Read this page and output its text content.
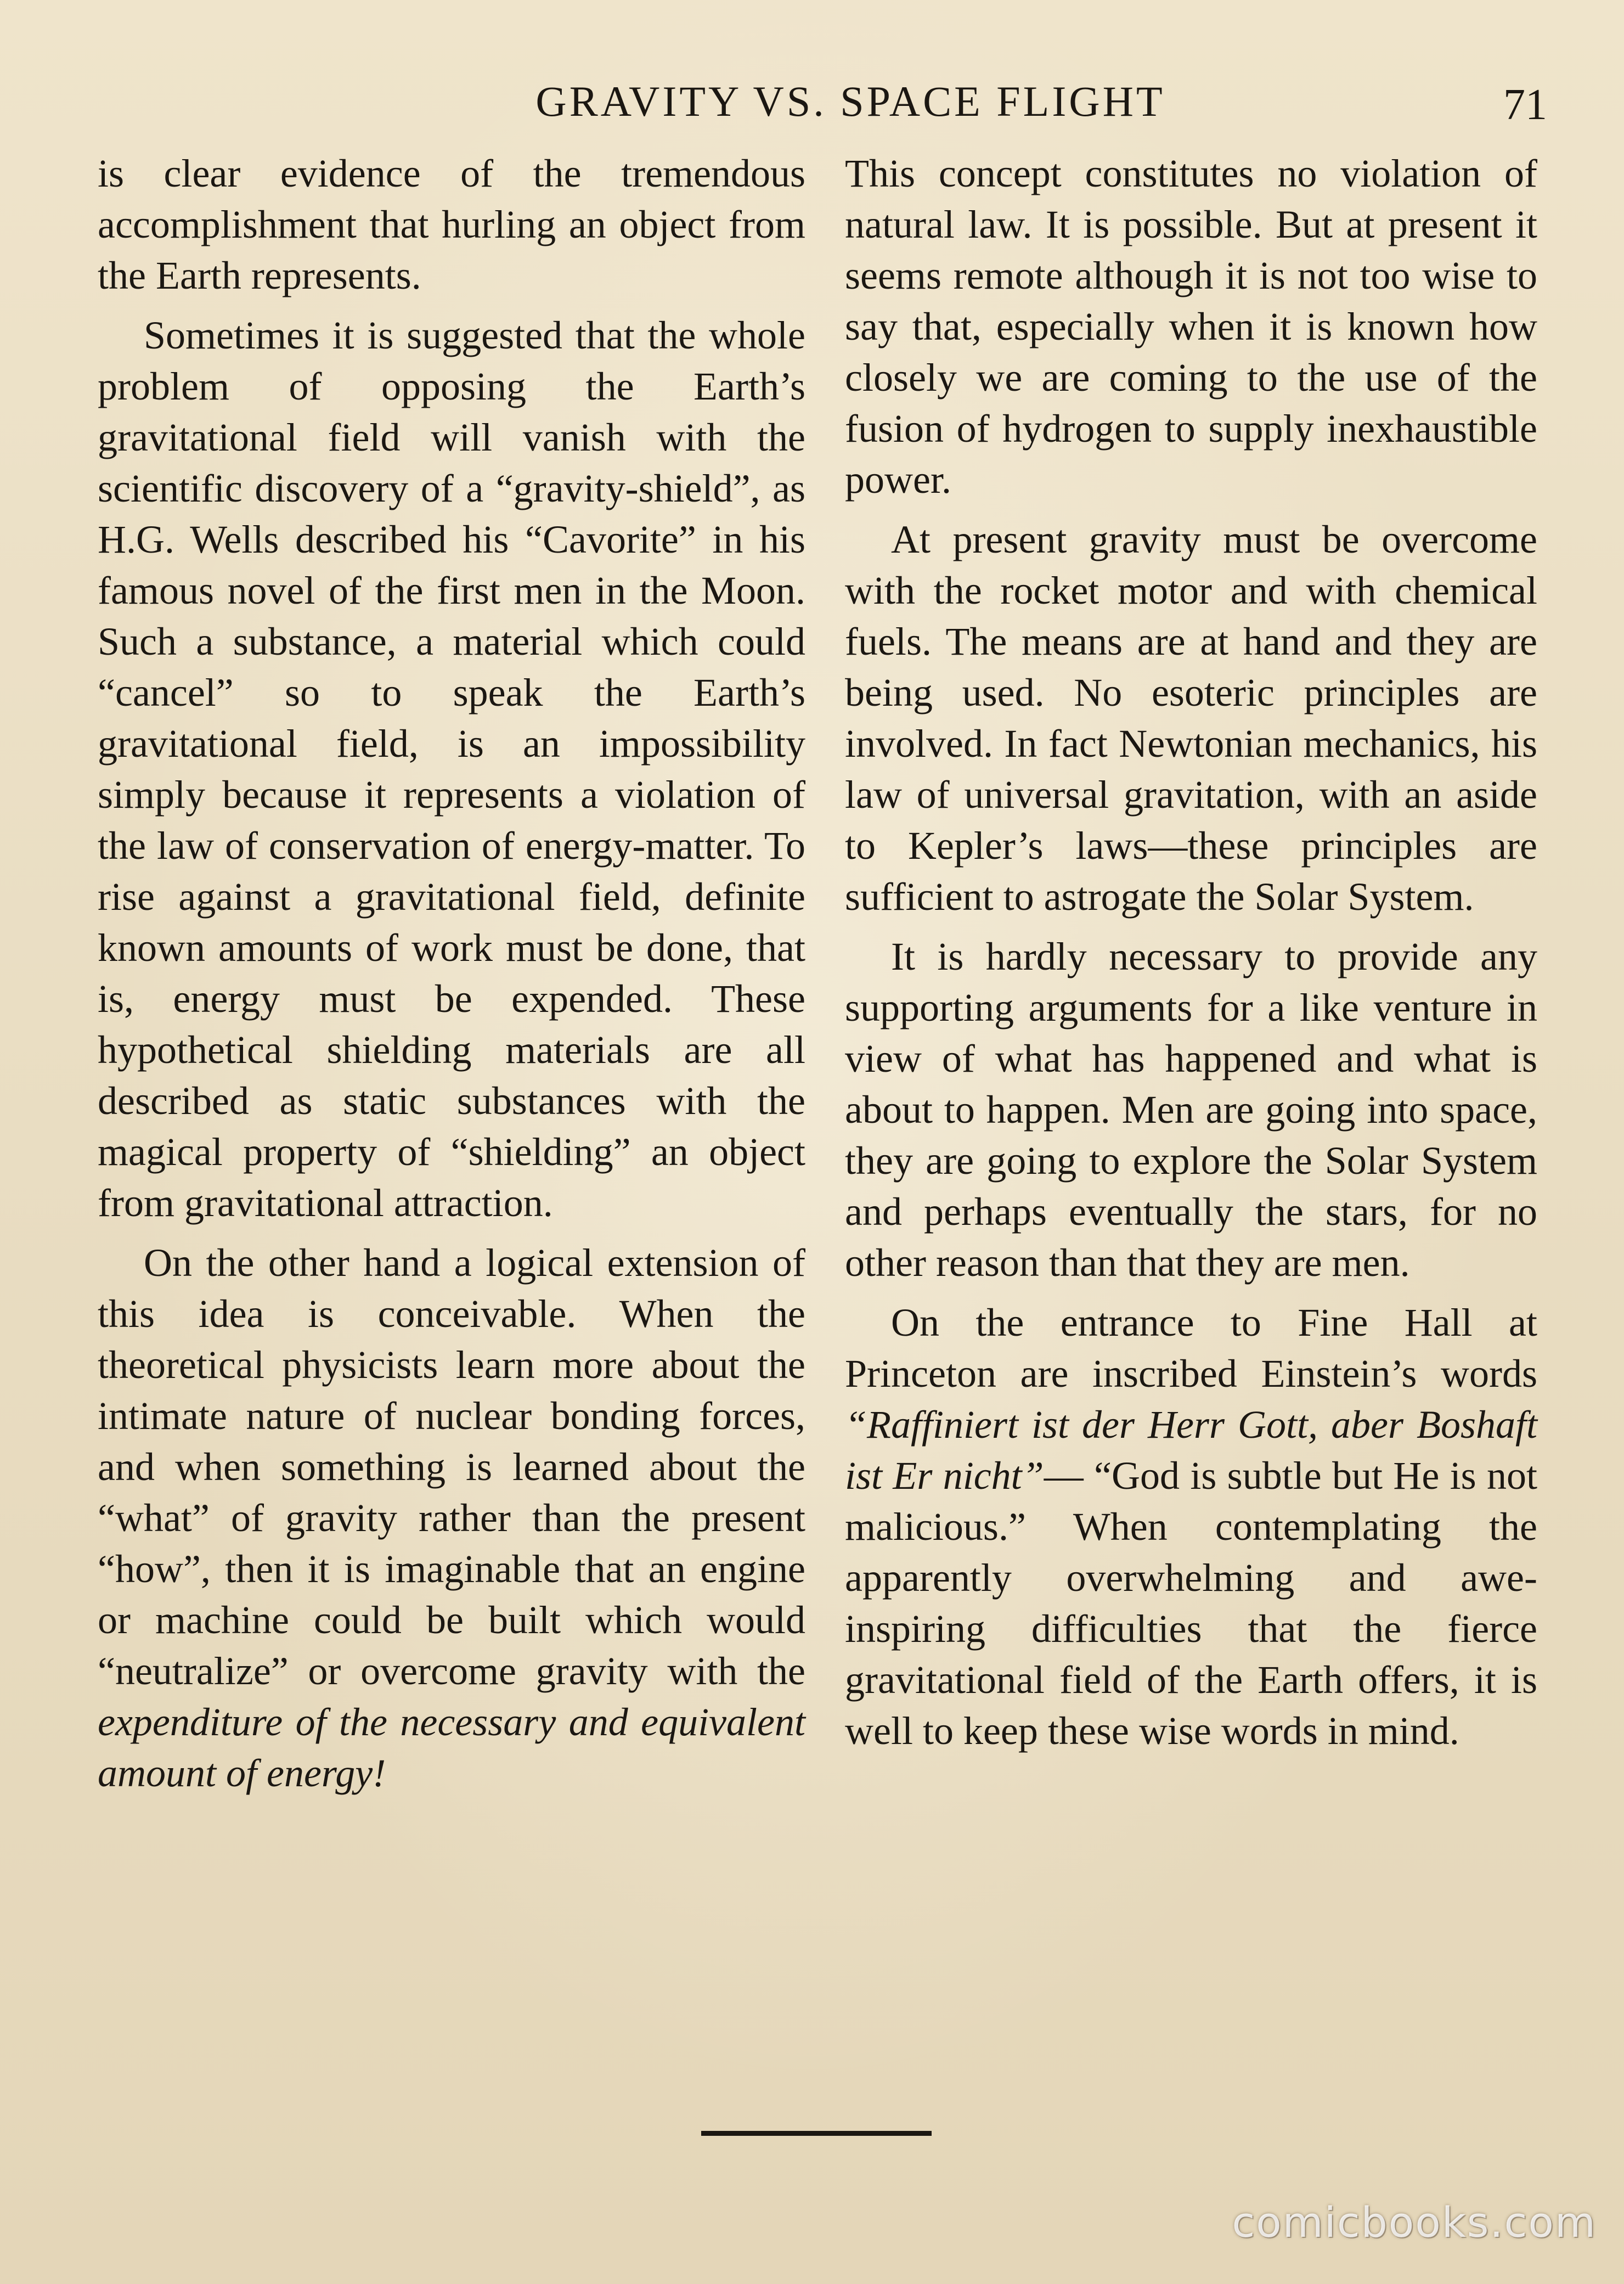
GRAVITY VS. SPACE FLIGHT	71

is clear evidence of the tremendous accomplishment that hurling an object from the Earth represents.

Sometimes it is suggested that the whole problem of opposing the Earth’s gravitational field will vanish with the scientific discovery of a “gravity-shield”, as H.G. Wells described his “Cavorite” in his famous novel of the first men in the Moon. Such a substance, a material which could “cancel” so to speak the Earth’s gravitational field, is an impossibility simply because it represents a violation of the law of conservation of energy-matter. To rise against a gravitational field, definite known amounts of work must be done, that is, energy must be expended. These hypothetical shielding materials are all described as static substances with the magical property of “shielding” an object from gravitational attraction.

On the other hand a logical extension of this idea is conceivable. When the theoretical physicists learn more about the intimate nature of nuclear bonding forces, and when something is learned about the “what” of gravity rather than the present “how”, then it is imaginable that an engine or machine could be built which would “neutralize” or overcome gravity with the expenditure of the necessary and equivalent amount of energy!

This concept constitutes no violation of natural law. It is possible. But at present it seems remote although it is not too wise to say that, especially when it is known how closely we are coming to the use of the fusion of hydrogen to supply inexhaustible power.

At present gravity must be overcome with the rocket motor and with chemical fuels. The means are at hand and they are being used. No esoteric principles are involved. In fact Newtonian mechanics, his law of universal gravitation, with an aside to Kepler’s laws—these principles are sufficient to astrogate the Solar System.

It is hardly necessary to provide any supporting arguments for a like venture in view of what has happened and what is about to happen. Men are going into space, they are going to explore the Solar System and perhaps eventually the stars, for no other reason than that they are men.

On the entrance to Fine Hall at Princeton are inscribed Einstein’s words “Raffiniert ist der Herr Gott, aber Boshaft ist Er nicht”— “God is subtle but He is not malicious.” When contemplating the apparently overwhelming and awe-inspiring difficulties that the fierce gravitational field of the Earth offers, it is well to keep these wise words in mind.

comicbooks.com
